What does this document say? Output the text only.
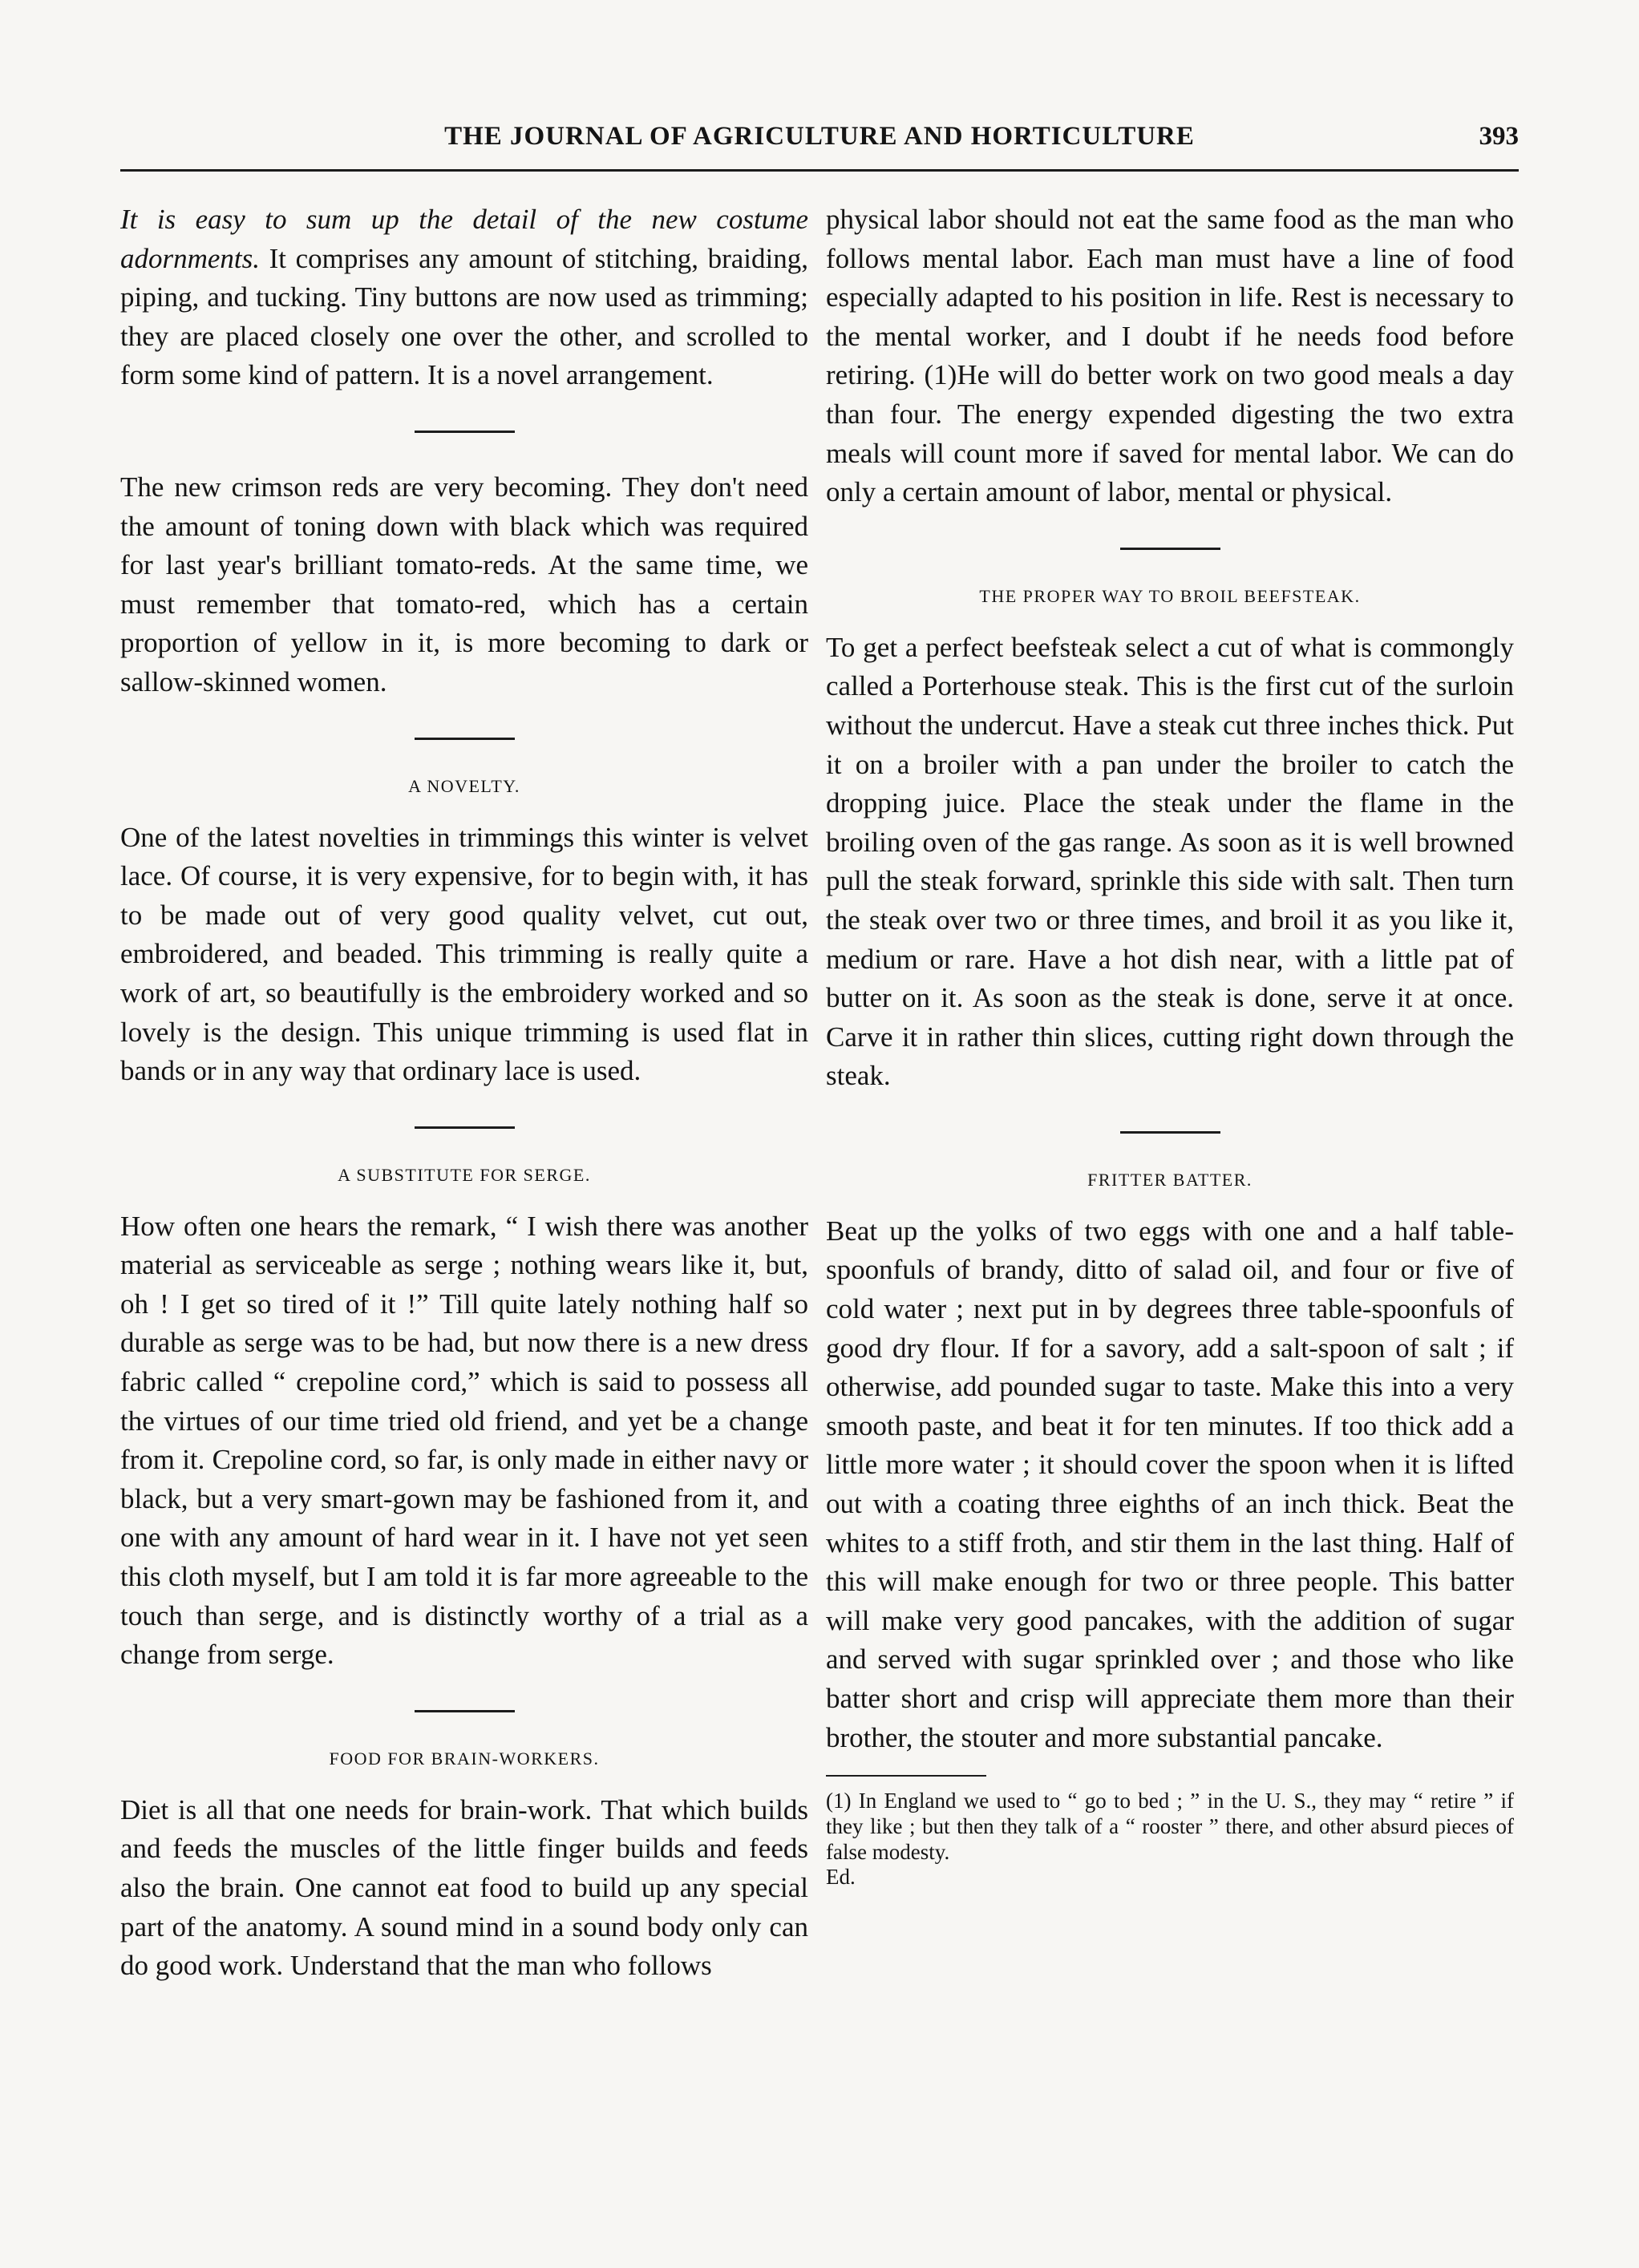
THE JOURNAL OF AGRICULTURE AND HORTICULTURE	393

It is easy to sum up the detail of the new costume adornments. It comprises any amount of stitching, braiding, piping, and tucking. Tiny buttons are now used as trimming; they are placed closely one over the other, and scrolled to form some kind of pattern. It is a novel arrangement.

The new crimson reds are very becoming. They don't need the amount of toning down with black which was required for last year's brilliant tomato-reds. At the same time, we must remember that tomato-red, which has a certain proportion of yellow in it, is more becoming to dark or sallow-skinned women.

A NOVELTY.

One of the latest novelties in trimmings this winter is velvet lace. Of course, it is very expensive, for to begin with, it has to be made out of very good quality velvet, cut out, embroidered, and beaded. This trimming is really quite a work of art, so beautifully is the embroidery worked and so lovely is the design. This unique trimming is used flat in bands or in any way that ordinary lace is used.

A SUBSTITUTE FOR SERGE.

How often one hears the remark, “ I wish there was another material as serviceable as serge ; nothing wears like it, but, oh ! I get so tired of it !” Till quite lately nothing half so durable as serge was to be had, but now there is a new dress fabric called “ crepoline cord,” which is said to possess all the virtues of our time tried old friend, and yet be a change from it. Crepoline cord, so far, is only made in either navy or black, but a very smart-gown may be fashioned from it, and one with any amount of hard wear in it. I have not yet seen this cloth myself, but I am told it is far more agreeable to the touch than serge, and is distinctly worthy of a trial as a change from serge.

FOOD FOR BRAIN-WORKERS.

Diet is all that one needs for brain-work. That which builds and feeds the muscles of the little finger builds and feeds also the brain. One cannot eat food to build up any special part of the anatomy. A sound mind in a sound body only can do good work. Understand that the man who follows

physical labor should not eat the same food as the man who follows mental labor. Each man must have a line of food especially adapted to his position in life. Rest is necessary to the mental worker, and I doubt if he needs food before retiring. (1)He will do better work on two good meals a day than four. The energy expended digesting the two extra meals will count more if saved for mental labor. We can do only a certain amount of labor, mental or physical.

THE PROPER WAY TO BROIL BEEFSTEAK.

To get a perfect beefsteak select a cut of what is commongly called a Porterhouse steak. This is the first cut of the surloin without the undercut. Have a steak cut three inches thick. Put it on a broiler with a pan under the broiler to catch the dropping juice. Place the steak under the flame in the broiling oven of the gas range. As soon as it is well browned pull the steak forward, sprinkle this side with salt. Then turn the steak over two or three times, and broil it as you like it, medium or rare. Have a hot dish near, with a little pat of butter on it. As soon as the steak is done, serve it at once. Carve it in rather thin slices, cutting right down through the steak.

FRITTER BATTER.

Beat up the yolks of two eggs with one and a half table-spoonfuls of brandy, ditto of salad oil, and four or five of cold water ; next put in by degrees three table-spoonfuls of good dry flour. If for a savory, add a salt-spoon of salt ; if otherwise, add pounded sugar to taste. Make this into a very smooth paste, and beat it for ten minutes. If too thick add a little more water ; it should cover the spoon when it is lifted out with a coating three eighths of an inch thick. Beat the whites to a stiff froth, and stir them in the last thing. Half of this will make enough for two or three people. This batter will make very good pancakes, with the addition of sugar and served with sugar sprinkled over ; and those who like batter short and crisp will appreciate them more than their brother, the stouter and more substantial pancake.

(1) In England we used to “ go to bed ; ” in the U. S., they may “ retire ” if they like ; but then they talk of a “ rooster ” there, and other absurd pieces of false modesty.

Ed.
